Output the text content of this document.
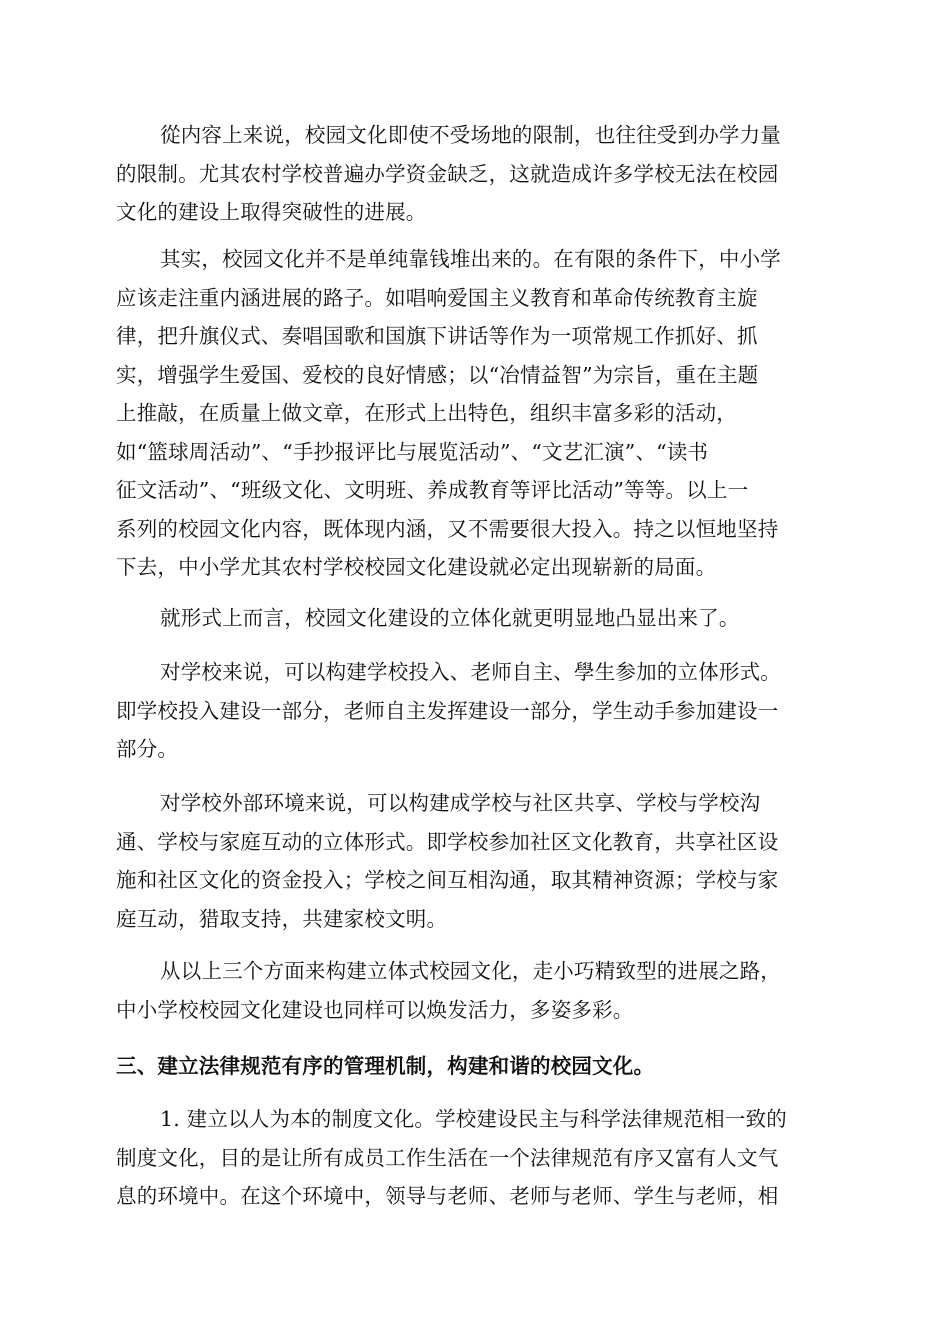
從内容上来说，校园文化即使不受场地的限制，也往往受到办学力量
的限制。尤其农村学校普遍办学资金缺乏，这就造成许多学校无法在校园
文化的建设上取得突破性的进展。
其实，校园文化并不是单纯靠钱堆出来的。在有限的条件下，中小学
应该走注重内涵进展的路子。如唱响爱国主义教育和革命传统教育主旋
律，把升旗仪式、奏唱国歌和国旗下讲话等作为一项常规工作抓好、抓
实，增强学生爱国、爱校的良好情感；以“冶情益智”为宗旨，重在主题
上推敲，在质量上做文章，在形式上出特色，组织丰富多彩的活动，
如“篮球周活动”、“手抄报评比与展览活动”、“文艺汇演”、“读书
征文活动”、“班级文化、文明班、养成教育等评比活动”等等。以上一
系列的校园文化内容，既体现内涵，又不需要很大投入。持之以恒地坚持
下去，中小学尤其农村学校校园文化建设就必定出现崭新的局面。
就形式上而言，校园文化建设的立体化就更明显地凸显出来了。
对学校来说，可以构建学校投入、老师自主、學生参加的立体形式。
即学校投入建设一部分，老师自主发挥建设一部分，学生动手参加建设一
部分。
对学校外部环境来说，可以构建成学校与社区共享、学校与学校沟
通、学校与家庭互动的立体形式。即学校参加社区文化教育，共享社区设
施和社区文化的资金投入；学校之间互相沟通，取其精神资源；学校与家
庭互动，猎取支持，共建家校文明。
从以上三个方面来构建立体式校园文化，走小巧精致型的进展之路，
中小学校校园文化建设也同样可以焕发活力，多姿多彩。
三、建立法律规范有序的管理机制，构建和谐的校园文化。
1. 建立以人为本的制度文化。学校建设民主与科学法律规范相一致的
制度文化，目的是让所有成员工作生活在一个法律规范有序又富有人文气
息的环境中。在这个环境中，领导与老师、老师与老师、学生与老师，相
